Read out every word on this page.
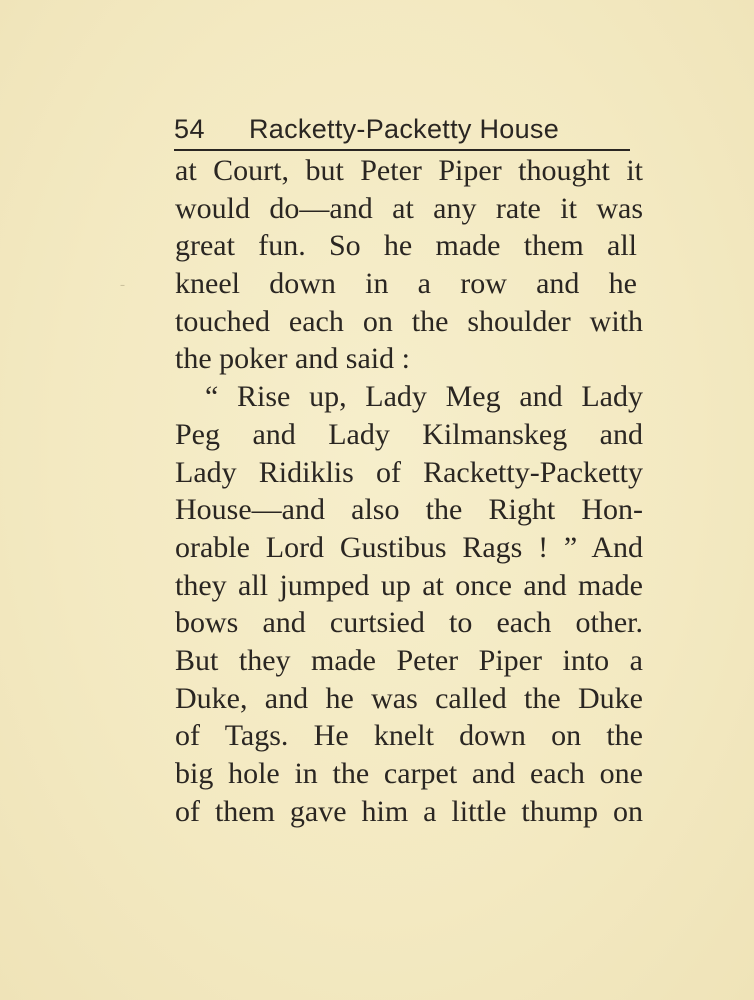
54 Racketty-Packetty House
–
at Court, but Peter Piper thought it
would do—and at any rate it was
great fun. So he made them all
kneel down in a row and he
touched each on the shoulder with
the poker and said :
“ Rise up, Lady Meg and Lady
Peg and Lady Kilmanskeg and
Lady Ridiklis of Racketty-Packetty
House—and also the Right Hon-
orable Lord Gustibus Rags ! ” And
they all jumped up at once and made
bows and curtsied to each other.
But they made Peter Piper into a
Duke, and he was called the Duke
of Tags. He knelt down on the
big hole in the carpet and each one
of them gave him a little thump on
